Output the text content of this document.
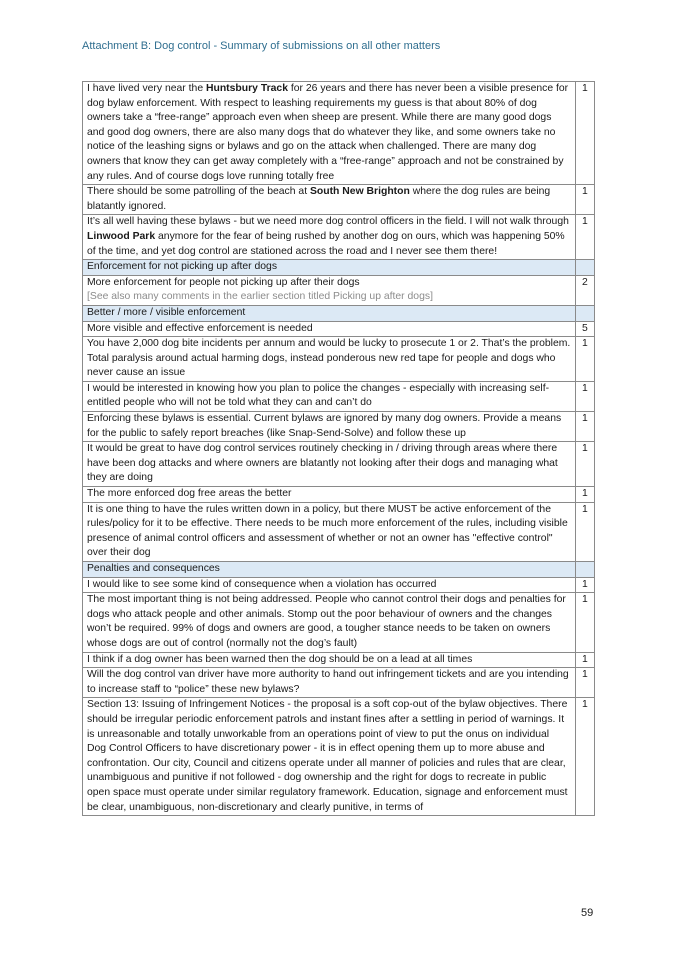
Attachment B: Dog control - Summary of submissions on all other matters
I have lived very near the Huntsbury Track for 26 years and there has never been a visible presence for dog bylaw enforcement. With respect to leashing requirements my guess is that about 80% of dog owners take a “free-range” approach even when sheep are present. While there are many good dogs and good dog owners, there are also many dogs that do whatever they like, and some owners take no notice of the leashing signs or bylaws and go on the attack when challenged. There are many dog owners that know they can get away completely with a “free-range” approach and not be constrained by any rules. And of course dogs love running totally free	1
There should be some patrolling of the beach at South New Brighton where the dog rules are being blatantly ignored.	1
It’s all well having these bylaws - but we need more dog control officers in the field. I will not walk through Linwood Park anymore for the fear of being rushed by another dog on ours, which was happening 50% of the time, and yet dog control are stationed across the road and I never see them there!	1
Enforcement for not picking up after dogs	
More enforcement for people not picking up after their dogs
[See also many comments in the earlier section titled Picking up after dogs]	2
Better / more / visible enforcement	
More visible and effective enforcement is needed	5
You have 2,000 dog bite incidents per annum and would be lucky to prosecute 1 or 2. That’s the problem. Total paralysis around actual harming dogs, instead ponderous new red tape for people and dogs who never cause an issue	1
I would be interested in knowing how you plan to police the changes - especially with increasing self-entitled people who will not be told what they can and can’t do	1
Enforcing these bylaws is essential. Current bylaws are ignored by many dog owners. Provide a means for the public to safely report breaches (like Snap-Send-Solve) and follow these up	1
It would be great to have dog control services routinely checking in / driving through areas where there have been dog attacks and where owners are blatantly not looking after their dogs and managing what they are doing	1
The more enforced dog free areas the better	1
It is one thing to have the rules written down in a policy, but there MUST be active enforcement of the rules/policy for it to be effective. There needs to be much more enforcement of the rules, including visible presence of animal control officers and assessment of whether or not an owner has "effective control" over their dog	1
Penalties and consequences	
I would like to see some kind of consequence when a violation has occurred	1
The most important thing is not being addressed. People who cannot control their dogs and penalties for dogs who attack people and other animals. Stomp out the poor behaviour of owners and the changes won’t be required. 99% of dogs and owners are good, a tougher stance needs to be taken on owners whose dogs are out of control (normally not the dog’s fault)	1
I think if a dog owner has been warned then the dog should be on a lead at all times	1
Will the dog control van driver have more authority to hand out infringement tickets and are you intending to increase staff to “police” these new bylaws?	1
Section 13: Issuing of Infringement Notices - the proposal is a soft cop-out of the bylaw objectives. There should be irregular periodic enforcement patrols and instant fines after a settling in period of warnings. It is unreasonable and totally unworkable from an operations point of view to put the onus on individual Dog Control Officers to have discretionary power - it is in effect opening them up to more abuse and confrontation. Our city, Council and citizens operate under all manner of policies and rules that are clear, unambiguous and punitive if not followed - dog ownership and the right for dogs to recreate in public open space must operate under similar regulatory framework. Education, signage and enforcement must be clear, unambiguous, non-discretionary and clearly punitive, in terms of	1
59
